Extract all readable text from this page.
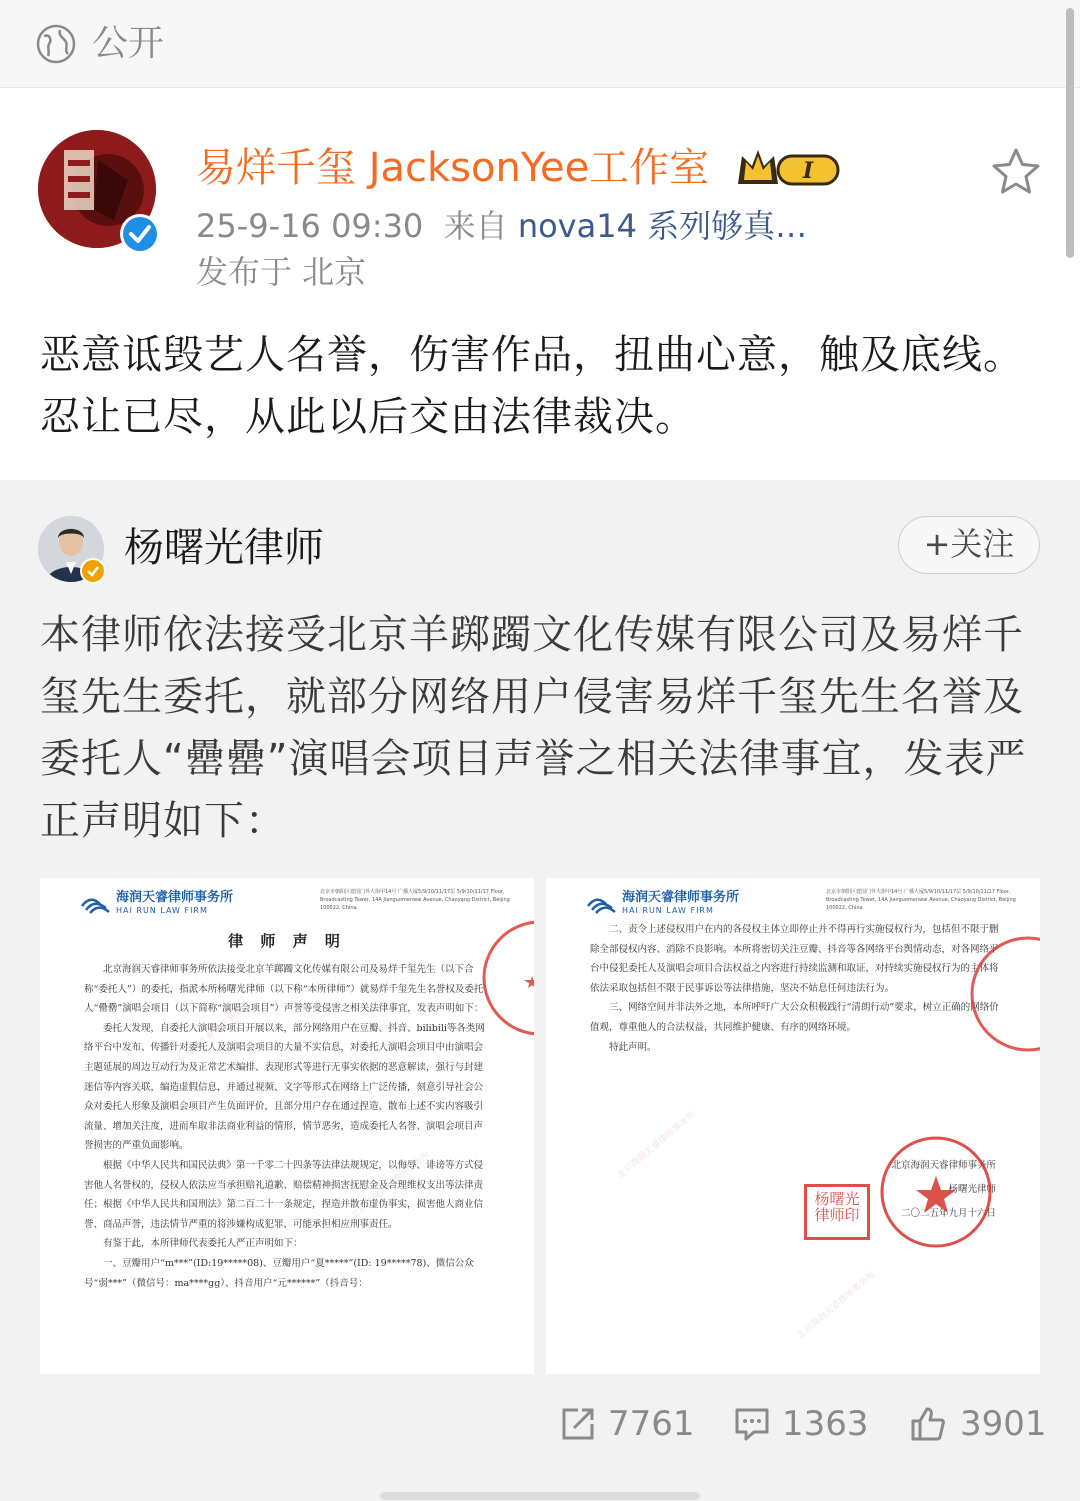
公开
易烊千玺 JacksonYee工作室	I
25-9-16 09:30 来自 nova14 系列够真…
发布于 北京
恶意诋毁艺人名誉，伤害作品，扭曲心意，触及底线。忍让已尽，从此以后交由法律裁决。
杨曙光律师	+关注
本律师依法接受北京羊踯躅文化传媒有限公司及易烊千玺先生委托，就部分网络用户侵害易烊千玺先生名誉及委托人“罍罍”演唱会项目声誉之相关法律事宜，发表严正声明如下：
海润天睿律师事务所
HAI RUN LAW FIRM
北京市朝阳区建国门外大街甲14号 广播大厦5/9/10/11/17层 5/9/10/11/17 Floor, Broadcasting Tower, 14A Jianguomenwai Avenue, Chaoyang District, Beijing 100022, China
律 师 声 明

北京海润天睿律师事务所依法接受北京羊踯躅文化传媒有限公司及易烊千玺先生（以下合称“委托人”）的委托，指派本所杨曙光律师（以下称“本所律师”）就易烊千玺先生名誉权及委托人“罍罍”演唱会项目（以下简称“演唱会项目”）声誉等受侵害之相关法律事宜，发表声明如下：

委托人发现，自委托人演唱会项目开展以来，部分网络用户在豆瓣、抖音、bilibili等各类网络平台中发布、传播针对委托人及演唱会项目的大量不实信息，对委托人演唱会项目中由演唱会主题延展的周边互动行为及正常艺术编排、表现形式等进行无事实依据的恶意解读，强行与封建迷信等内容关联，编造虚假信息，并通过视频、文字等形式在网络上广泛传播，刻意引导社会公众对委托人形象及演唱会项目产生负面评价，且部分用户存在通过捏造、散布上述不实内容吸引流量、增加关注度，进而牟取非法商业利益的情形，情节恶劣，造成委托人名誉、演唱会项目声誉损害的严重负面影响。

根据《中华人民共和国民法典》第一千零二十四条等法律法规规定，以侮辱、诽谤等方式侵害他人名誉权的，侵权人依法应当承担赔礼道歉、赔偿精神损害抚慰金及合理维权支出等法律责任；根据《中华人民共和国刑法》第二百二十一条规定，捏造并散布虚伪事实，损害他人商业信誉、商品声誉，违法情节严重的将涉嫌构成犯罪，可能承担相应刑事责任。

有鉴于此，本所律师代表委托人严正声明如下：

一、豆瓣用户“m***”(ID:19*****08)、豆瓣用户“夏*****”(ID: 19*****78)、微信公众号“弱***”（微信号：ma****gg）、抖音用户“元******”（抖音号：

北京海润天睿律师事务所
北京海润天睿律师事务所
海润天睿律师事务所
HAI RUN LAW FIRM
北京市朝阳区建国门外大街甲14号 广播大厦5/9/10/11/17层 5/9/10/11/17 Floor, Broadcasting Tower, 14A Jianguomenwai Avenue, Chaoyang District, Beijing 100022, China

二、责令上述侵权用户在内的各侵权主体立即停止并不得再行实施侵权行为，包括但不限于删除全部侵权内容、消除不良影响。本所将密切关注豆瓣、抖音等各网络平台舆情动态，对各网络平台中侵犯委托人及演唱会项目合法权益之内容进行持续监测和取证，对持续实施侵权行为的主体将依法采取包括但不限于民事诉讼等法律措施，坚决不姑息任何违法行为。

三、网络空间并非法外之地，本所呼吁广大公众积极践行“清朗行动”要求，树立正确的网络价值观，尊重他人的合法权益，共同维护健康、有序的网络环境。

特此声明。

北京海润天睿律师事务所
杨曙光律师
二〇二五年九月十六日
杨曙光律师印
北京海润天睿律师事务所
北京海润天睿律师事务所
7761	1363	3901
